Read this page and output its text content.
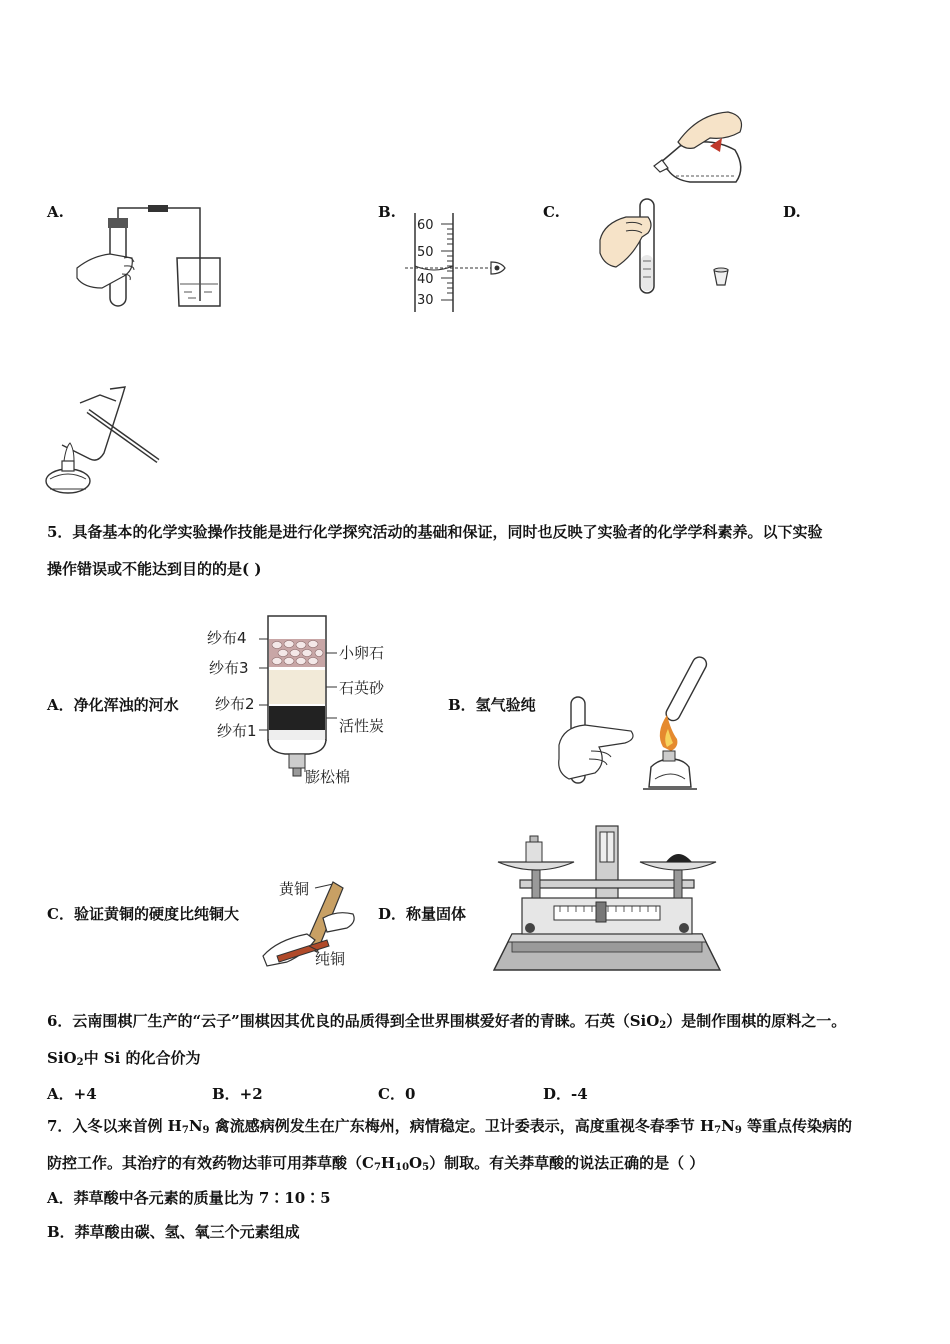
A.	B.	C.	D.
60
50
40
30
5．具备基本的化学实验操作技能是进行化学探究活动的基础和保证，同时也反映了实验者的化学学科素养。以下实验
操作错误或不能达到目的的是( )
A．净化浑浊的河水
纱布4
纱布3
纱布2
纱布1
小卵石
石英砂
活性炭
膨松棉
B．氢气验纯
C．验证黄铜的硬度比纯铜大
黄铜
纯铜
D．称量固体
6．云南围棋厂生产的“云子”围棋因其优良的品质得到全世界围棋爱好者的青睐。石英（SiO$_2$）是制作围棋的原料之一。
SiO$_2$中 Si 的化合价为
A．+4	B．+2	C．0	D．-4
7．入冬以来首例 $H_7N_9$ 禽流感病例发生在广东梅州，病情稳定。卫计委表示，高度重视冬春季节 $H_7N_9$ 等重点传染病的
防控工作。其治疗的有效药物达菲可用莽草酸$(C_7H_{10}O_5)$制取。有关莽草酸的说法正确的是（ ）
A．莽草酸中各元素的质量比为 7∶10∶5
B．莽草酸由碳、氢、氧三个元素组成
